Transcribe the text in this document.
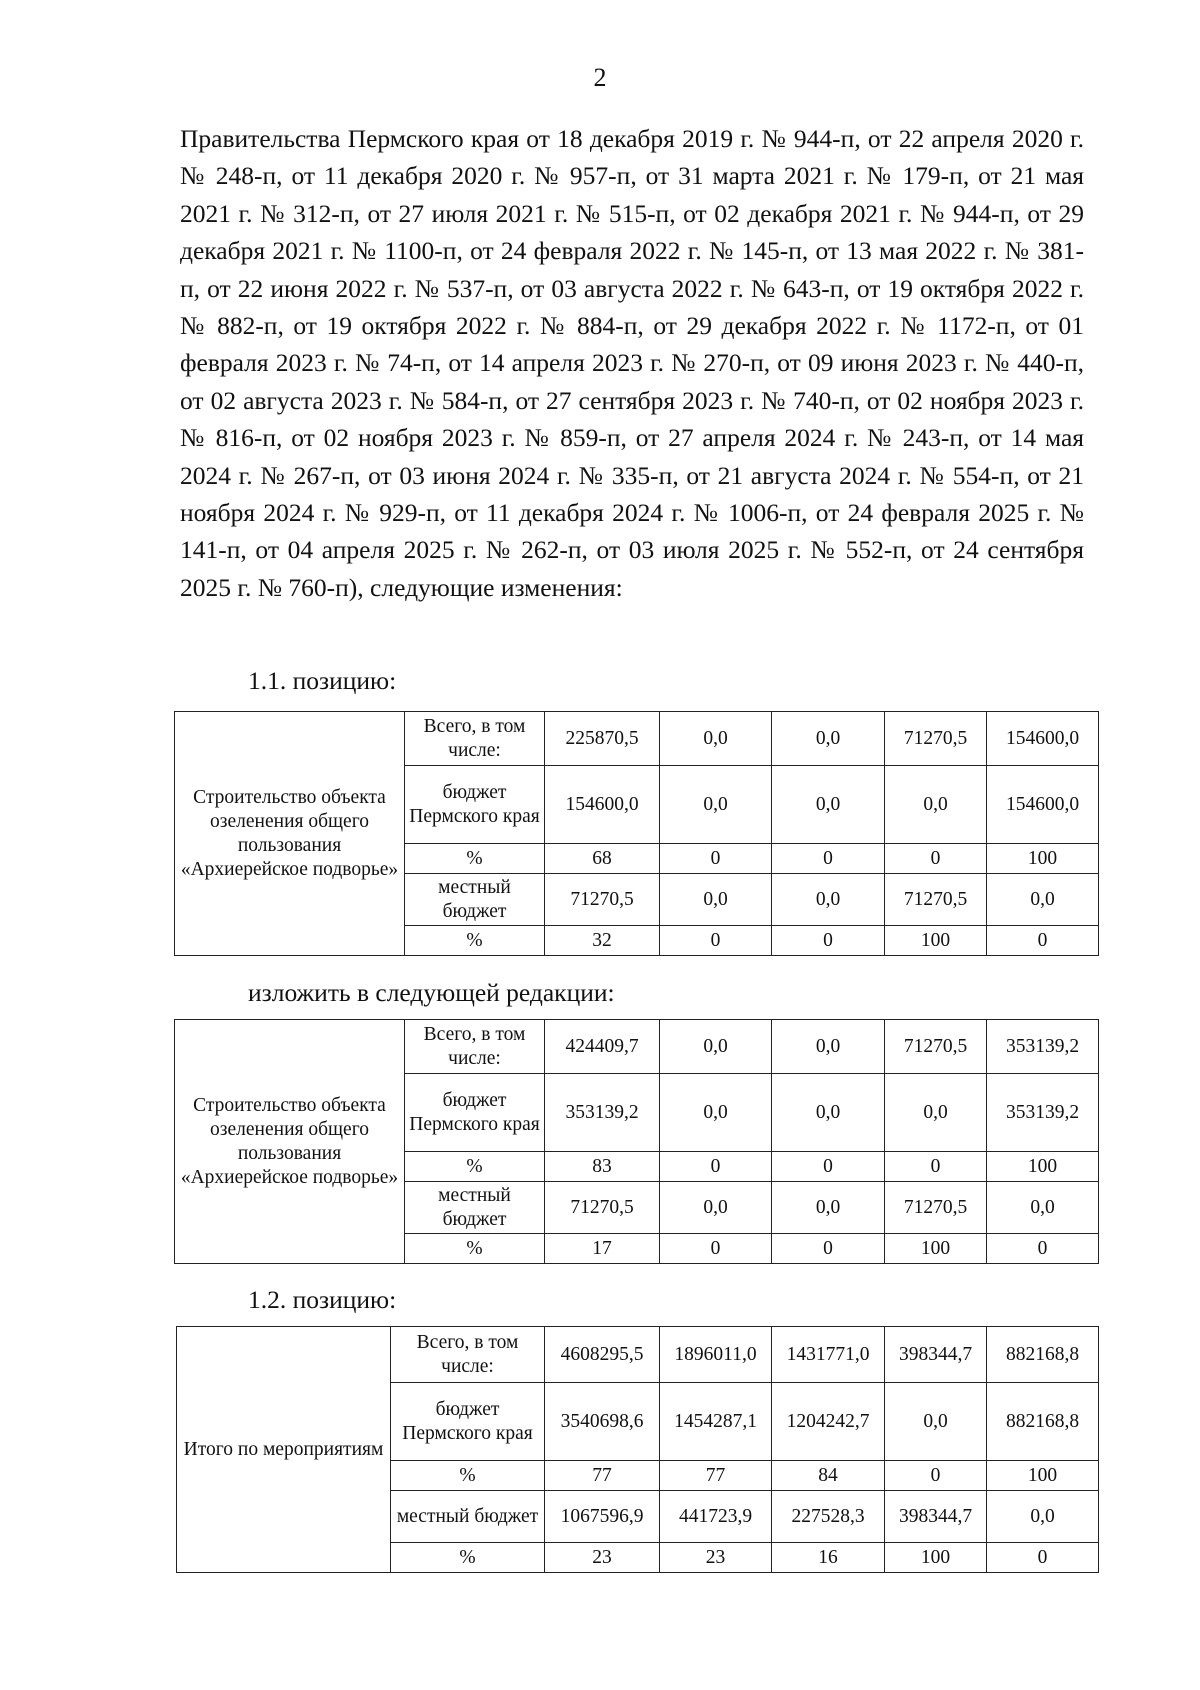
2

Правительства Пермского края от 18 декабря 2019 г. № 944-п, от 22 апреля 2020 г. № 248-п, от 11 декабря 2020 г. № 957-п, от 31 марта 2021 г. № 179-п, от 21 мая 2021 г. № 312-п, от 27 июля 2021 г. № 515-п, от 02 декабря 2021 г. № 944-п, от 29 декабря 2021 г. № 1100-п, от 24 февраля 2022 г. № 145-п, от 13 мая 2022 г. № 381-п, от 22 июня 2022 г. № 537-п, от 03 августа 2022 г. № 643-п, от 19 октября 2022 г. № 882-п, от 19 октября 2022 г. № 884-п, от 29 декабря 2022 г. № 1172-п, от 01 февраля 2023 г. № 74-п, от 14 апреля 2023 г. № 270-п, от 09 июня 2023 г. № 440-п, от 02 августа 2023 г. № 584-п, от 27 сентября 2023 г. № 740-п, от 02 ноября 2023 г. № 816-п, от 02 ноября 2023 г. № 859-п, от 27 апреля 2024 г. № 243-п, от 14 мая 2024 г. № 267-п, от 03 июня 2024 г. № 335-п, от 21 августа 2024 г. № 554-п, от 21 ноября 2024 г. № 929-п, от 11 декабря 2024 г. № 1006-п, от 24 февраля 2025 г. № 141-п, от 04 апреля 2025 г. № 262-п, от 03 июля 2025 г. № 552-п, от 24 сентября 2025 г. № 760-п), следующие изменения:

1.1. позицию:
Строительство объекта озеленения общего пользования «Архиерейское подворье»	Всего, в том числе:	225870,5	0,0	0,0	71270,5	154600,0
	бюджет Пермского края	154600,0	0,0	0,0	0,0	154600,0
	%	68	0	0	0	100
	местный бюджет	71270,5	0,0	0,0	71270,5	0,0
	%	32	0	0	100	0
изложить в следующей редакции:
Строительство объекта озеленения общего пользования «Архиерейское подворье»	Всего, в том числе:	424409,7	0,0	0,0	71270,5	353139,2
	бюджет Пермского края	353139,2	0,0	0,0	0,0	353139,2
	%	83	0	0	0	100
	местный бюджет	71270,5	0,0	0,0	71270,5	0,0
	%	17	0	0	100	0
1.2. позицию:
Итого по мероприятиям	Всего, в том числе:	4608295,5	1896011,0	1431771,0	398344,7	882168,8
	бюджет Пермского края	3540698,6	1454287,1	1204242,7	0,0	882168,8
	%	77	77	84	0	100
	местный бюджет	1067596,9	441723,9	227528,3	398344,7	0,0
	%	23	23	16	100	0
